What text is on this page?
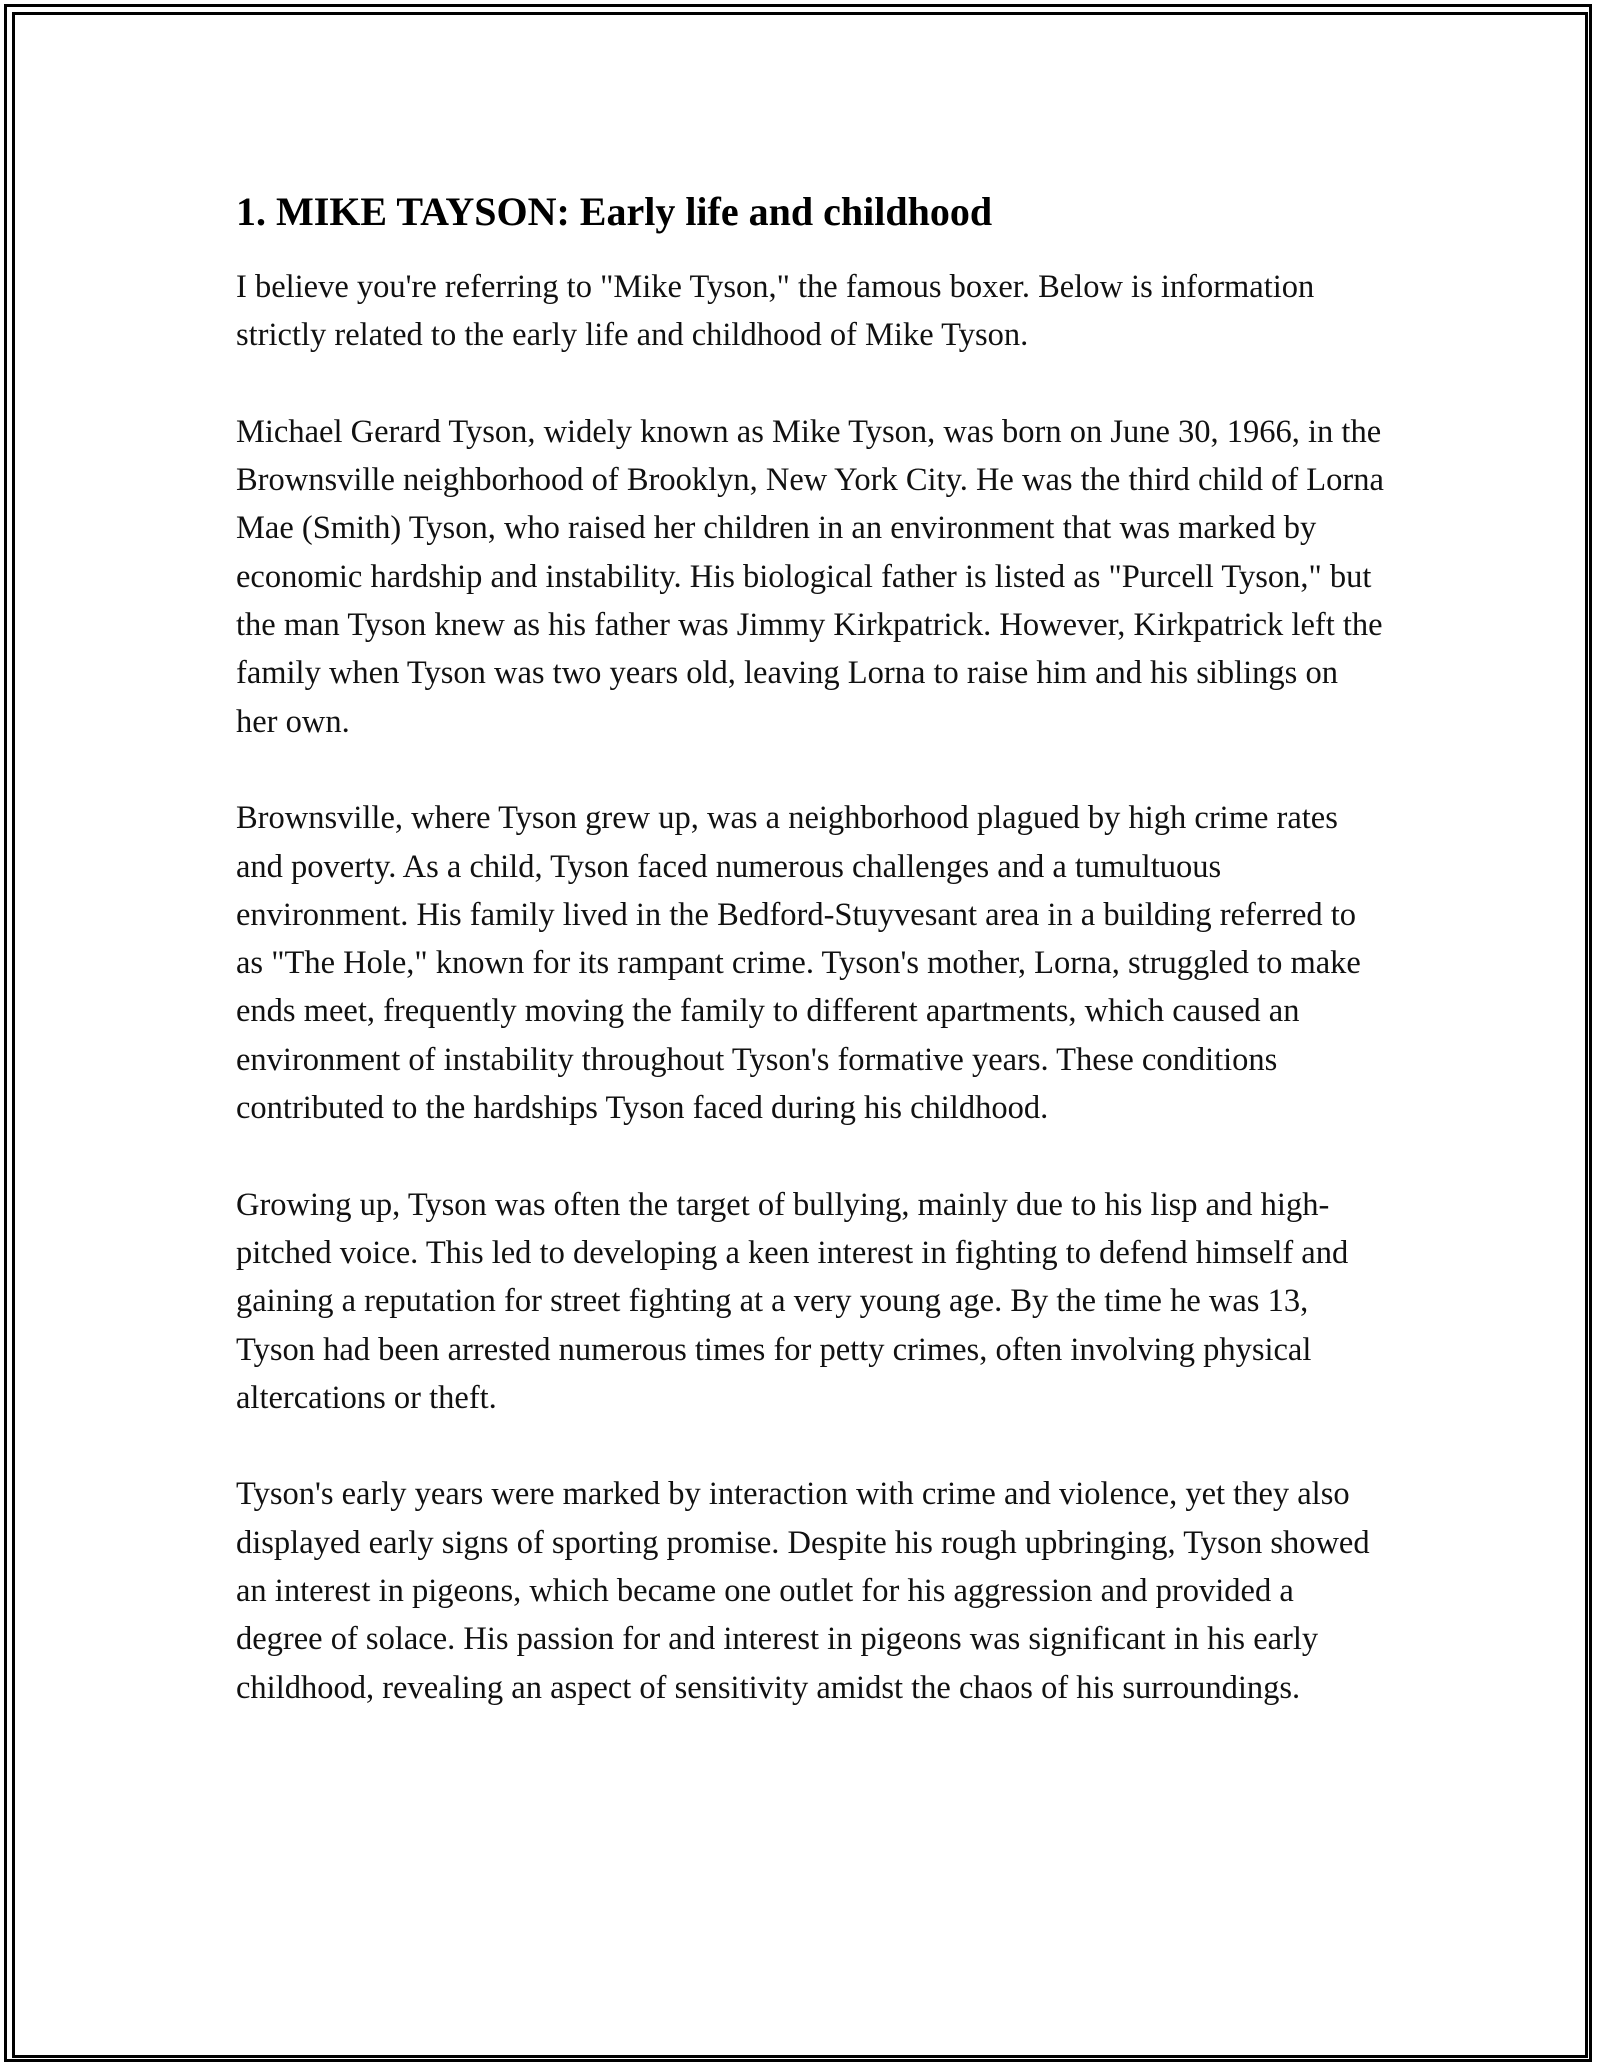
1. MIKE TAYSON: Early life and childhood

I believe you're referring to "Mike Tyson," the famous boxer. Below is information strictly related to the early life and childhood of Mike Tyson.

Michael Gerard Tyson, widely known as Mike Tyson, was born on June 30, 1966, in the Brownsville neighborhood of Brooklyn, New York City. He was the third child of Lorna Mae (Smith) Tyson, who raised her children in an environment that was marked by economic hardship and instability. His biological father is listed as "Purcell Tyson," but the man Tyson knew as his father was Jimmy Kirkpatrick. However, Kirkpatrick left the family when Tyson was two years old, leaving Lorna to raise him and his siblings on her own.

Brownsville, where Tyson grew up, was a neighborhood plagued by high crime rates and poverty. As a child, Tyson faced numerous challenges and a tumultuous environment. His family lived in the Bedford-Stuyvesant area in a building referred to as "The Hole," known for its rampant crime. Tyson's mother, Lorna, struggled to make ends meet, frequently moving the family to different apartments, which caused an environment of instability throughout Tyson's formative years. These conditions contributed to the hardships Tyson faced during his childhood.

Growing up, Tyson was often the target of bullying, mainly due to his lisp and high-pitched voice. This led to developing a keen interest in fighting to defend himself and gaining a reputation for street fighting at a very young age. By the time he was 13, Tyson had been arrested numerous times for petty crimes, often involving physical altercations or theft.

Tyson's early years were marked by interaction with crime and violence, yet they also displayed early signs of sporting promise. Despite his rough upbringing, Tyson showed an interest in pigeons, which became one outlet for his aggression and provided a degree of solace. His passion for and interest in pigeons was significant in his early childhood, revealing an aspect of sensitivity amidst the chaos of his surroundings.
